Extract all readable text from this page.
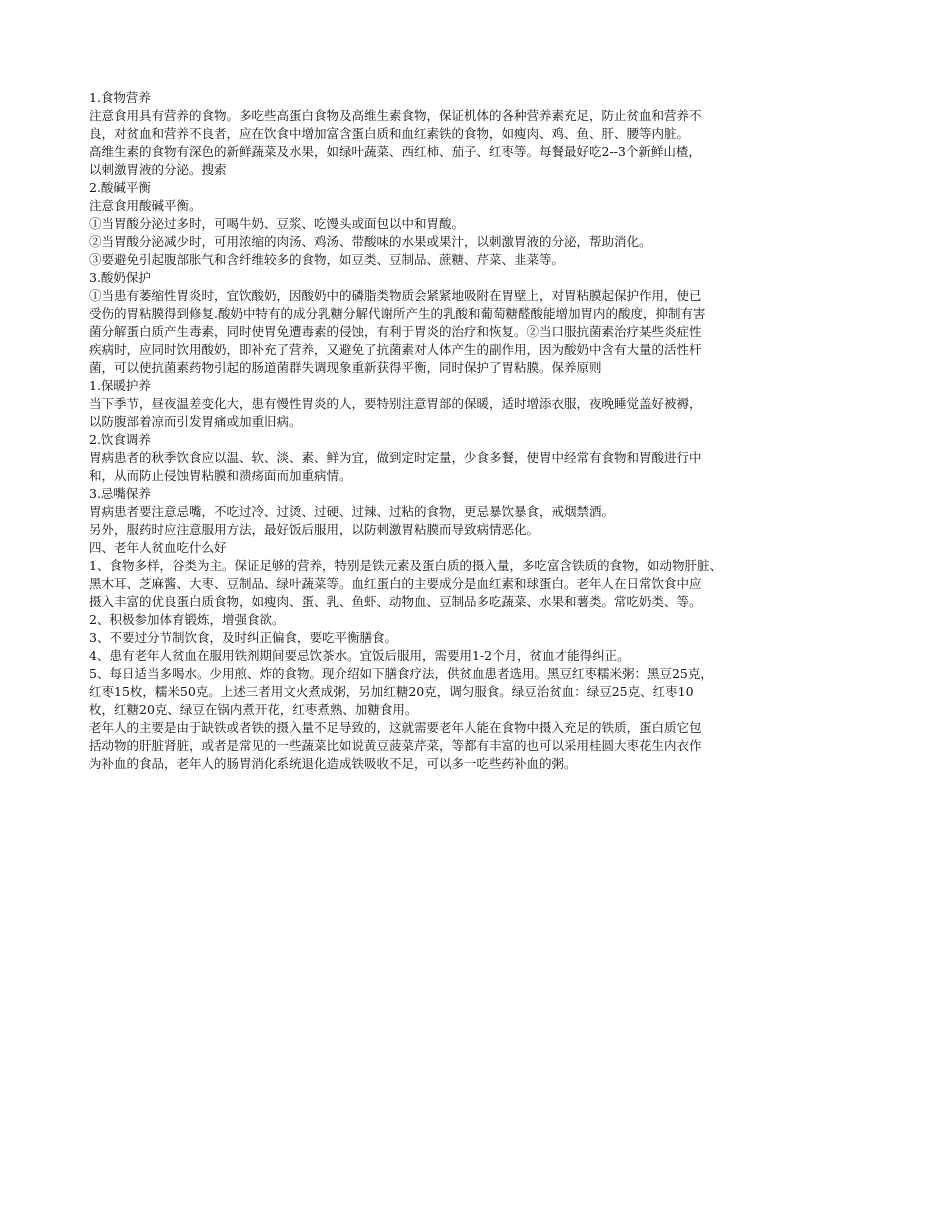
1.食物营养
注意食用具有营养的食物。多吃些高蛋白食物及高维生素食物，保证机体的各种营养素充足，防止贫血和营养不
良，对贫血和营养不良者，应在饮食中增加富含蛋白质和血红素铁的食物，如瘦肉、鸡、鱼、肝、腰等内脏。
高维生素的食物有深色的新鲜蔬菜及水果，如绿叶蔬菜、西红柿、茄子、红枣等。每餐最好吃2--3个新鲜山楂，
以刺激胃液的分泌。搜索
2.酸碱平衡
注意食用酸碱平衡。
①当胃酸分泌过多时，可喝牛奶、豆浆、吃馒头或面包以中和胃酸。
②当胃酸分泌减少时，可用浓缩的肉汤、鸡汤、带酸味的水果或果汁，以刺激胃液的分泌，帮助消化。
③要避免引起腹部胀气和含纤维较多的食物，如豆类、豆制品、蔗糖、芹菜、韭菜等。
3.酸奶保护
①当患有萎缩性胃炎时，宜饮酸奶，因酸奶中的磷脂类物质会紧紧地吸附在胃壁上，对胃粘膜起保护作用，使已
受伤的胃粘膜得到修复.酸奶中特有的成分乳糖分解代谢所产生的乳酸和葡萄糖醛酸能增加胃内的酸度，抑制有害
菌分解蛋白质产生毒素，同时使胃免遭毒素的侵蚀，有利于胃炎的治疗和恢复。②当口服抗菌素治疗某些炎症性
疾病时，应同时饮用酸奶，即补充了营养，又避免了抗菌素对人体产生的副作用，因为酸奶中含有大量的活性杆
菌，可以使抗菌素药物引起的肠道菌群失调现象重新获得平衡，同时保护了胃粘膜。保养原则
1.保暖护养
当下季节，昼夜温差变化大，患有慢性胃炎的人，要特别注意胃部的保暖，适时增添衣服，夜晚睡觉盖好被褥，
以防腹部着凉而引发胃痛或加重旧病。
2.饮食调养
胃病患者的秋季饮食应以温、软、淡、素、鲜为宜，做到定时定量，少食多餐，使胃中经常有食物和胃酸进行中
和，从而防止侵蚀胃粘膜和溃疡面而加重病情。
3.忌嘴保养
胃病患者要注意忌嘴，不吃过冷、过烫、过硬、过辣、过粘的食物，更忌暴饮暴食，戒烟禁酒。
另外，服药时应注意服用方法，最好饭后服用，以防刺激胃粘膜而导致病情恶化。
四、老年人贫血吃什么好
1、食物多样，谷类为主。保证足够的营养，特别是铁元素及蛋白质的摄入量，多吃富含铁质的食物，如动物肝脏、
黑木耳、芝麻酱、大枣、豆制品、绿叶蔬菜等。血红蛋白的主要成分是血红素和球蛋白。老年人在日常饮食中应
摄入丰富的优良蛋白质食物，如瘦肉、蛋、乳、鱼虾、动物血、豆制品多吃蔬菜、水果和薯类。常吃奶类、等。
2、积极参加体育锻炼，增强食欲。
3、不要过分节制饮食，及时纠正偏食，要吃平衡膳食。
4、患有老年人贫血在服用铁剂期间要忌饮茶水。宜饭后服用，需要用1-2个月，贫血才能得纠正。
5、每日适当多喝水。少用煎、炸的食物。现介绍如下膳食疗法，供贫血患者选用。黑豆红枣糯米粥：黑豆25克，
红枣15枚，糯米50克。上述三者用文火煮成粥，另加红糖20克，调匀服食。绿豆治贫血：绿豆25克、红枣10
枚，红糖20克、绿豆在锅内煮开花，红枣煮熟、加糖食用。
老年人的主要是由于缺铁或者铁的摄入量不足导致的，这就需要老年人能在食物中摄入充足的铁质，蛋白质它包
括动物的肝脏肾脏，或者是常见的一些蔬菜比如说黄豆菠菜芹菜，等都有丰富的也可以采用桂圆大枣花生内衣作
为补血的食品，老年人的肠胃消化系统退化造成铁吸收不足，可以多一吃些药补血的粥。
